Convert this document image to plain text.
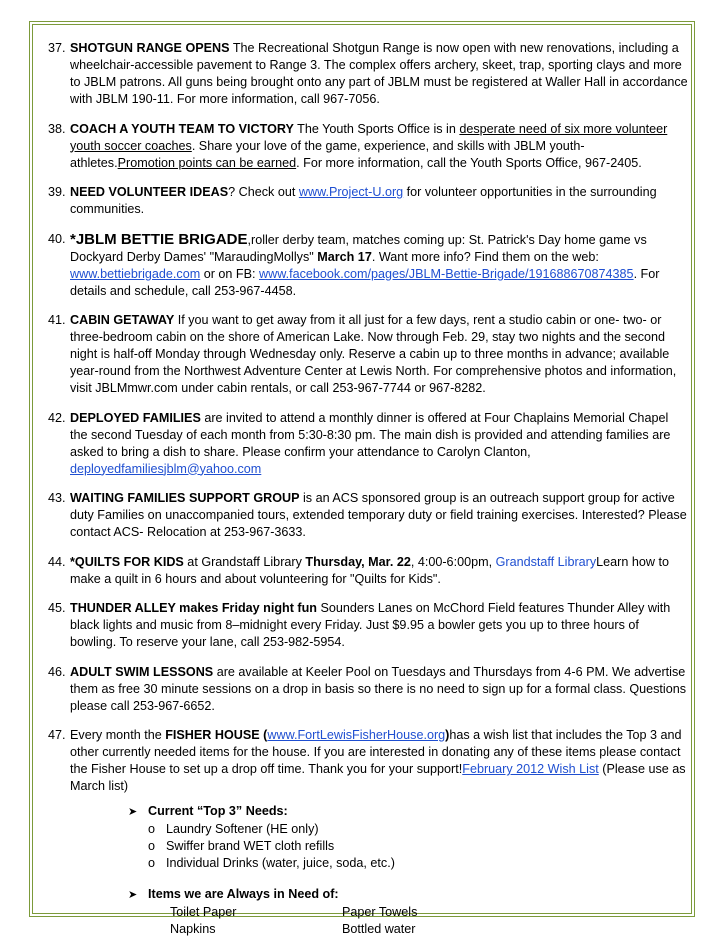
37. SHOTGUN RANGE OPENS The Recreational Shotgun Range is now open with new renovations, including a wheelchair-accessible pavement to Range 3. The complex offers archery, skeet, trap, sporting clays and more to JBLM patrons. All guns being brought onto any part of JBLM must be registered at Waller Hall in accordance with JBLM 190-11. For more information, call 967-7056.
38. COACH A YOUTH TEAM TO VICTORY The Youth Sports Office is in desperate need of six more volunteer youth soccer coaches. Share your love of the game, experience, and skills with JBLM youth-athletes.Promotion points can be earned. For more information, call the Youth Sports Office, 967-2405.
39. NEED VOLUNTEER IDEAS? Check out www.Project-U.org for volunteer opportunities in the surrounding communities.
40. *JBLM BETTIE BRIGADE,roller derby team, matches coming up: St. Patrick's Day home game vs Dockyard Derby Dames' "MaraudingMollys" March 17. Want more info? Find them on the web: www.bettiebrigade.com or on FB: www.facebook.com/pages/JBLM-Bettie-Brigade/191688670874385. For details and schedule, call 253-967-4458.
41. CABIN GETAWAY If you want to get away from it all just for a few days, rent a studio cabin or one- two- or three-bedroom cabin on the shore of American Lake. Now through Feb. 29, stay two nights and the second night is half-off Monday through Wednesday only. Reserve a cabin up to three months in advance; available year-round from the Northwest Adventure Center at Lewis North. For comprehensive photos and information, visit JBLMmwr.com under cabin rentals, or call 253-967-7744 or 967-8282.
42. DEPLOYED FAMILIES are invited to attend a monthly dinner is offered at Four Chaplains Memorial Chapel the second Tuesday of each month from 5:30-8:30 pm. The main dish is provided and attending families are asked to bring a dish to share. Please confirm your attendance to Carolyn Clanton, deployedfamiliesjblm@yahoo.com
43. WAITING FAMILIES SUPPORT GROUP is an ACS sponsored group is an outreach support group for active duty Families on unaccompanied tours, extended temporary duty or field training exercises. Interested? Please contact ACS- Relocation at 253-967-3633.
44. *QUILTS FOR KIDS at Grandstaff Library Thursday, Mar. 22, 4:00-6:00pm, Grandstaff LibraryLearn how to make a quilt in 6 hours and about volunteering for "Quilts for Kids".
45. THUNDER ALLEY makes Friday night fun Sounders Lanes on McChord Field features Thunder Alley with black lights and music from 8–midnight every Friday. Just $9.95 a bowler gets you up to three hours of bowling. To reserve your lane, call 253-982-5954.
46. ADULT SWIM LESSONS are available at Keeler Pool on Tuesdays and Thursdays from 4-6 PM. We advertise them as free 30 minute sessions on a drop in basis so there is no need to sign up for a formal class. Questions please call 253-967-6652.
47. Every month the FISHER HOUSE (www.FortLewisFisherHouse.org)has a wish list that includes the Top 3 and other currently needed items for the house. If you are interested in donating any of these items please contact the Fisher House to set up a drop off time. Thank you for your support!February 2012 Wish List (Please use as March list)
➤ Current “Top 3” Needs:
o Laundry Softener (HE only)
o Swiffer brand WET cloth refills
o Individual Drinks (water, juice, soda, etc.)
➤ Items we are Always in Need of:
Toilet Paper	Paper Towels
Napkins	Bottled water
